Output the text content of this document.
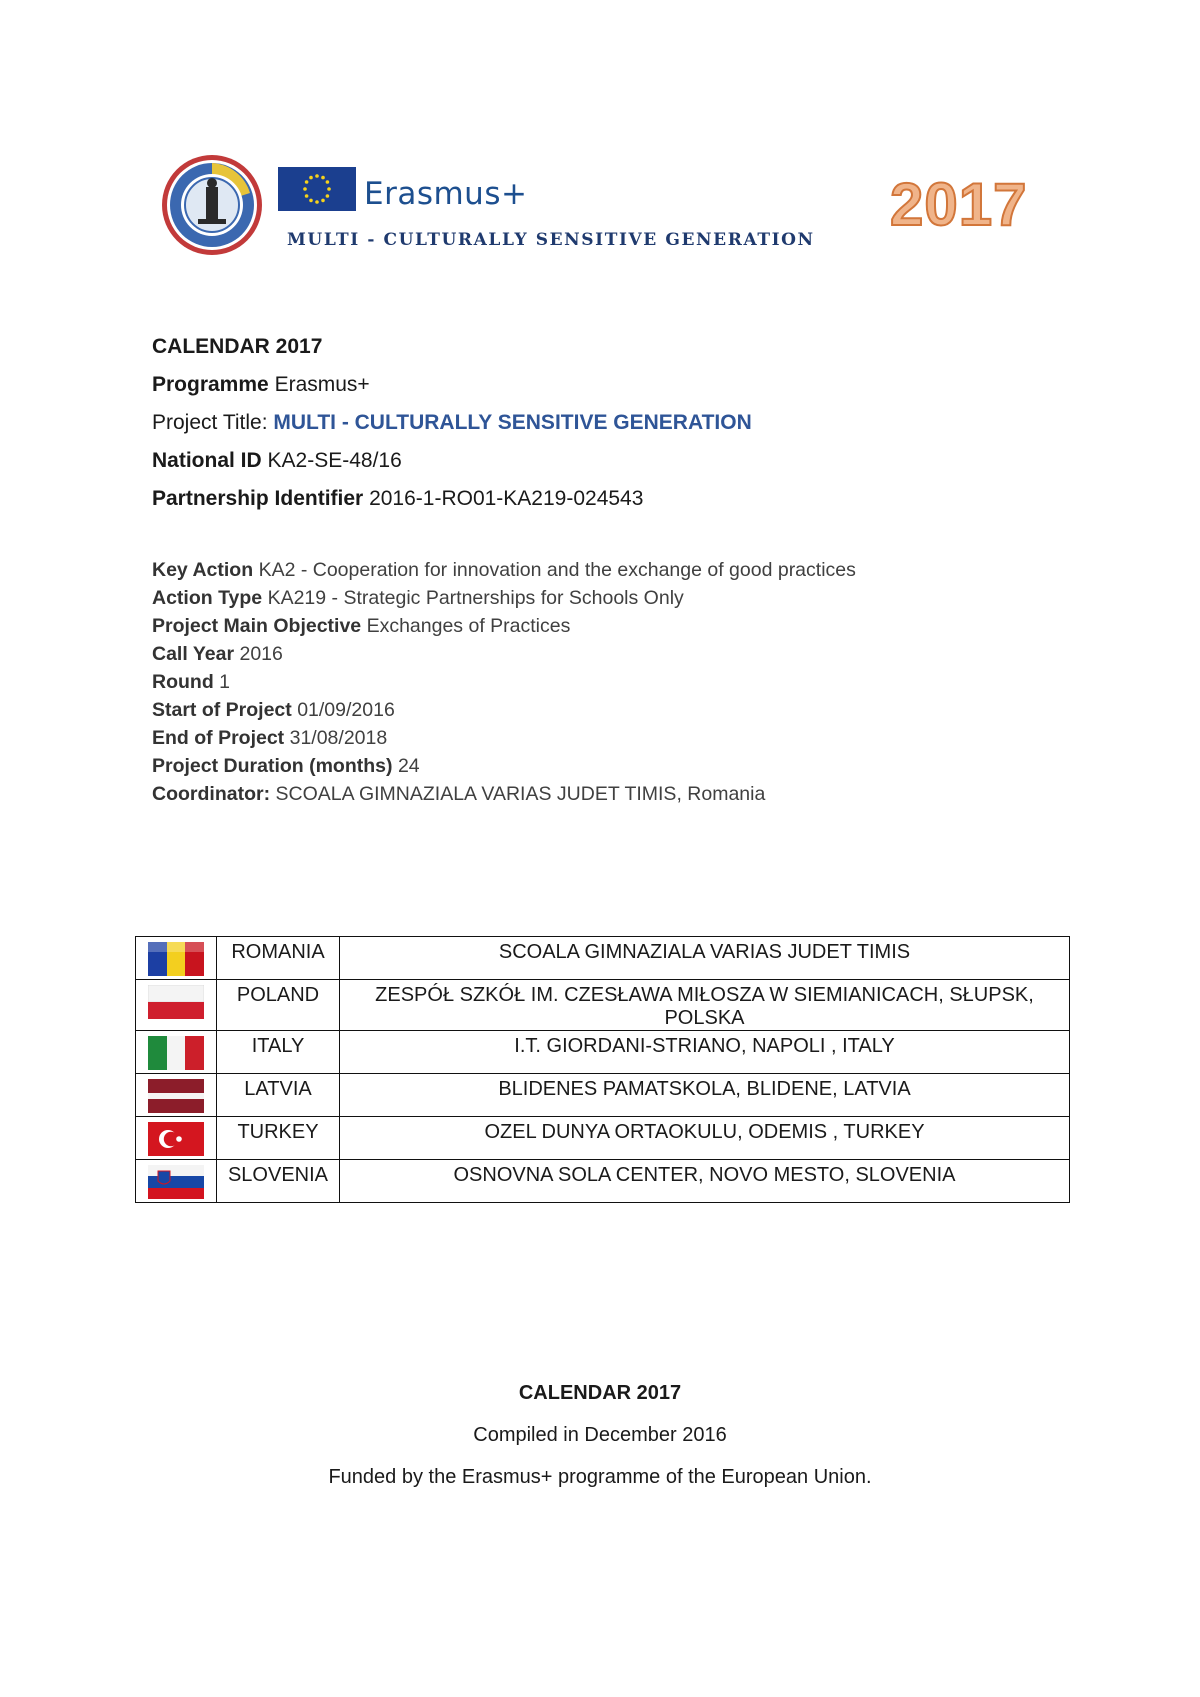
Erasmus+
MULTI - CULTURALLY SENSITIVE GENERATION
2017
CALENDAR 2017
Programme Erasmus+
Project Title: MULTI - CULTURALLY SENSITIVE GENERATION
National ID KA2-SE-48/16
Partnership Identifier 2016-1-RO01-KA219-024543
Key Action KA2 - Cooperation for innovation and the exchange of good practices
Action Type KA219 - Strategic Partnerships for Schools Only
Project Main Objective Exchanges of Practices
Call Year 2016
Round 1
Start of Project 01/09/2016
End of Project 31/08/2018
Project Duration (months) 24
Coordinator: SCOALA GIMNAZIALA VARIAS JUDET TIMIS, Romania
	ROMANIA	SCOALA GIMNAZIALA VARIAS JUDET TIMIS

	POLAND	ZESPÓŁ SZKÓŁ IM. CZESŁAWA MIŁOSZA W SIEMIANICACH, SŁUPSK, POLSKA

	ITALY	I.T. GIORDANI-STRIANO, NAPOLI , ITALY

	LATVIA	BLIDENES PAMATSKOLA, BLIDENE, LATVIA

	TURKEY	OZEL DUNYA ORTAOKULU, ODEMIS , TURKEY

	SLOVENIA	OSNOVNA SOLA CENTER, NOVO MESTO, SLOVENIA
CALENDAR 2017
Compiled in December 2016
Funded by the Erasmus+ programme of the European Union.
